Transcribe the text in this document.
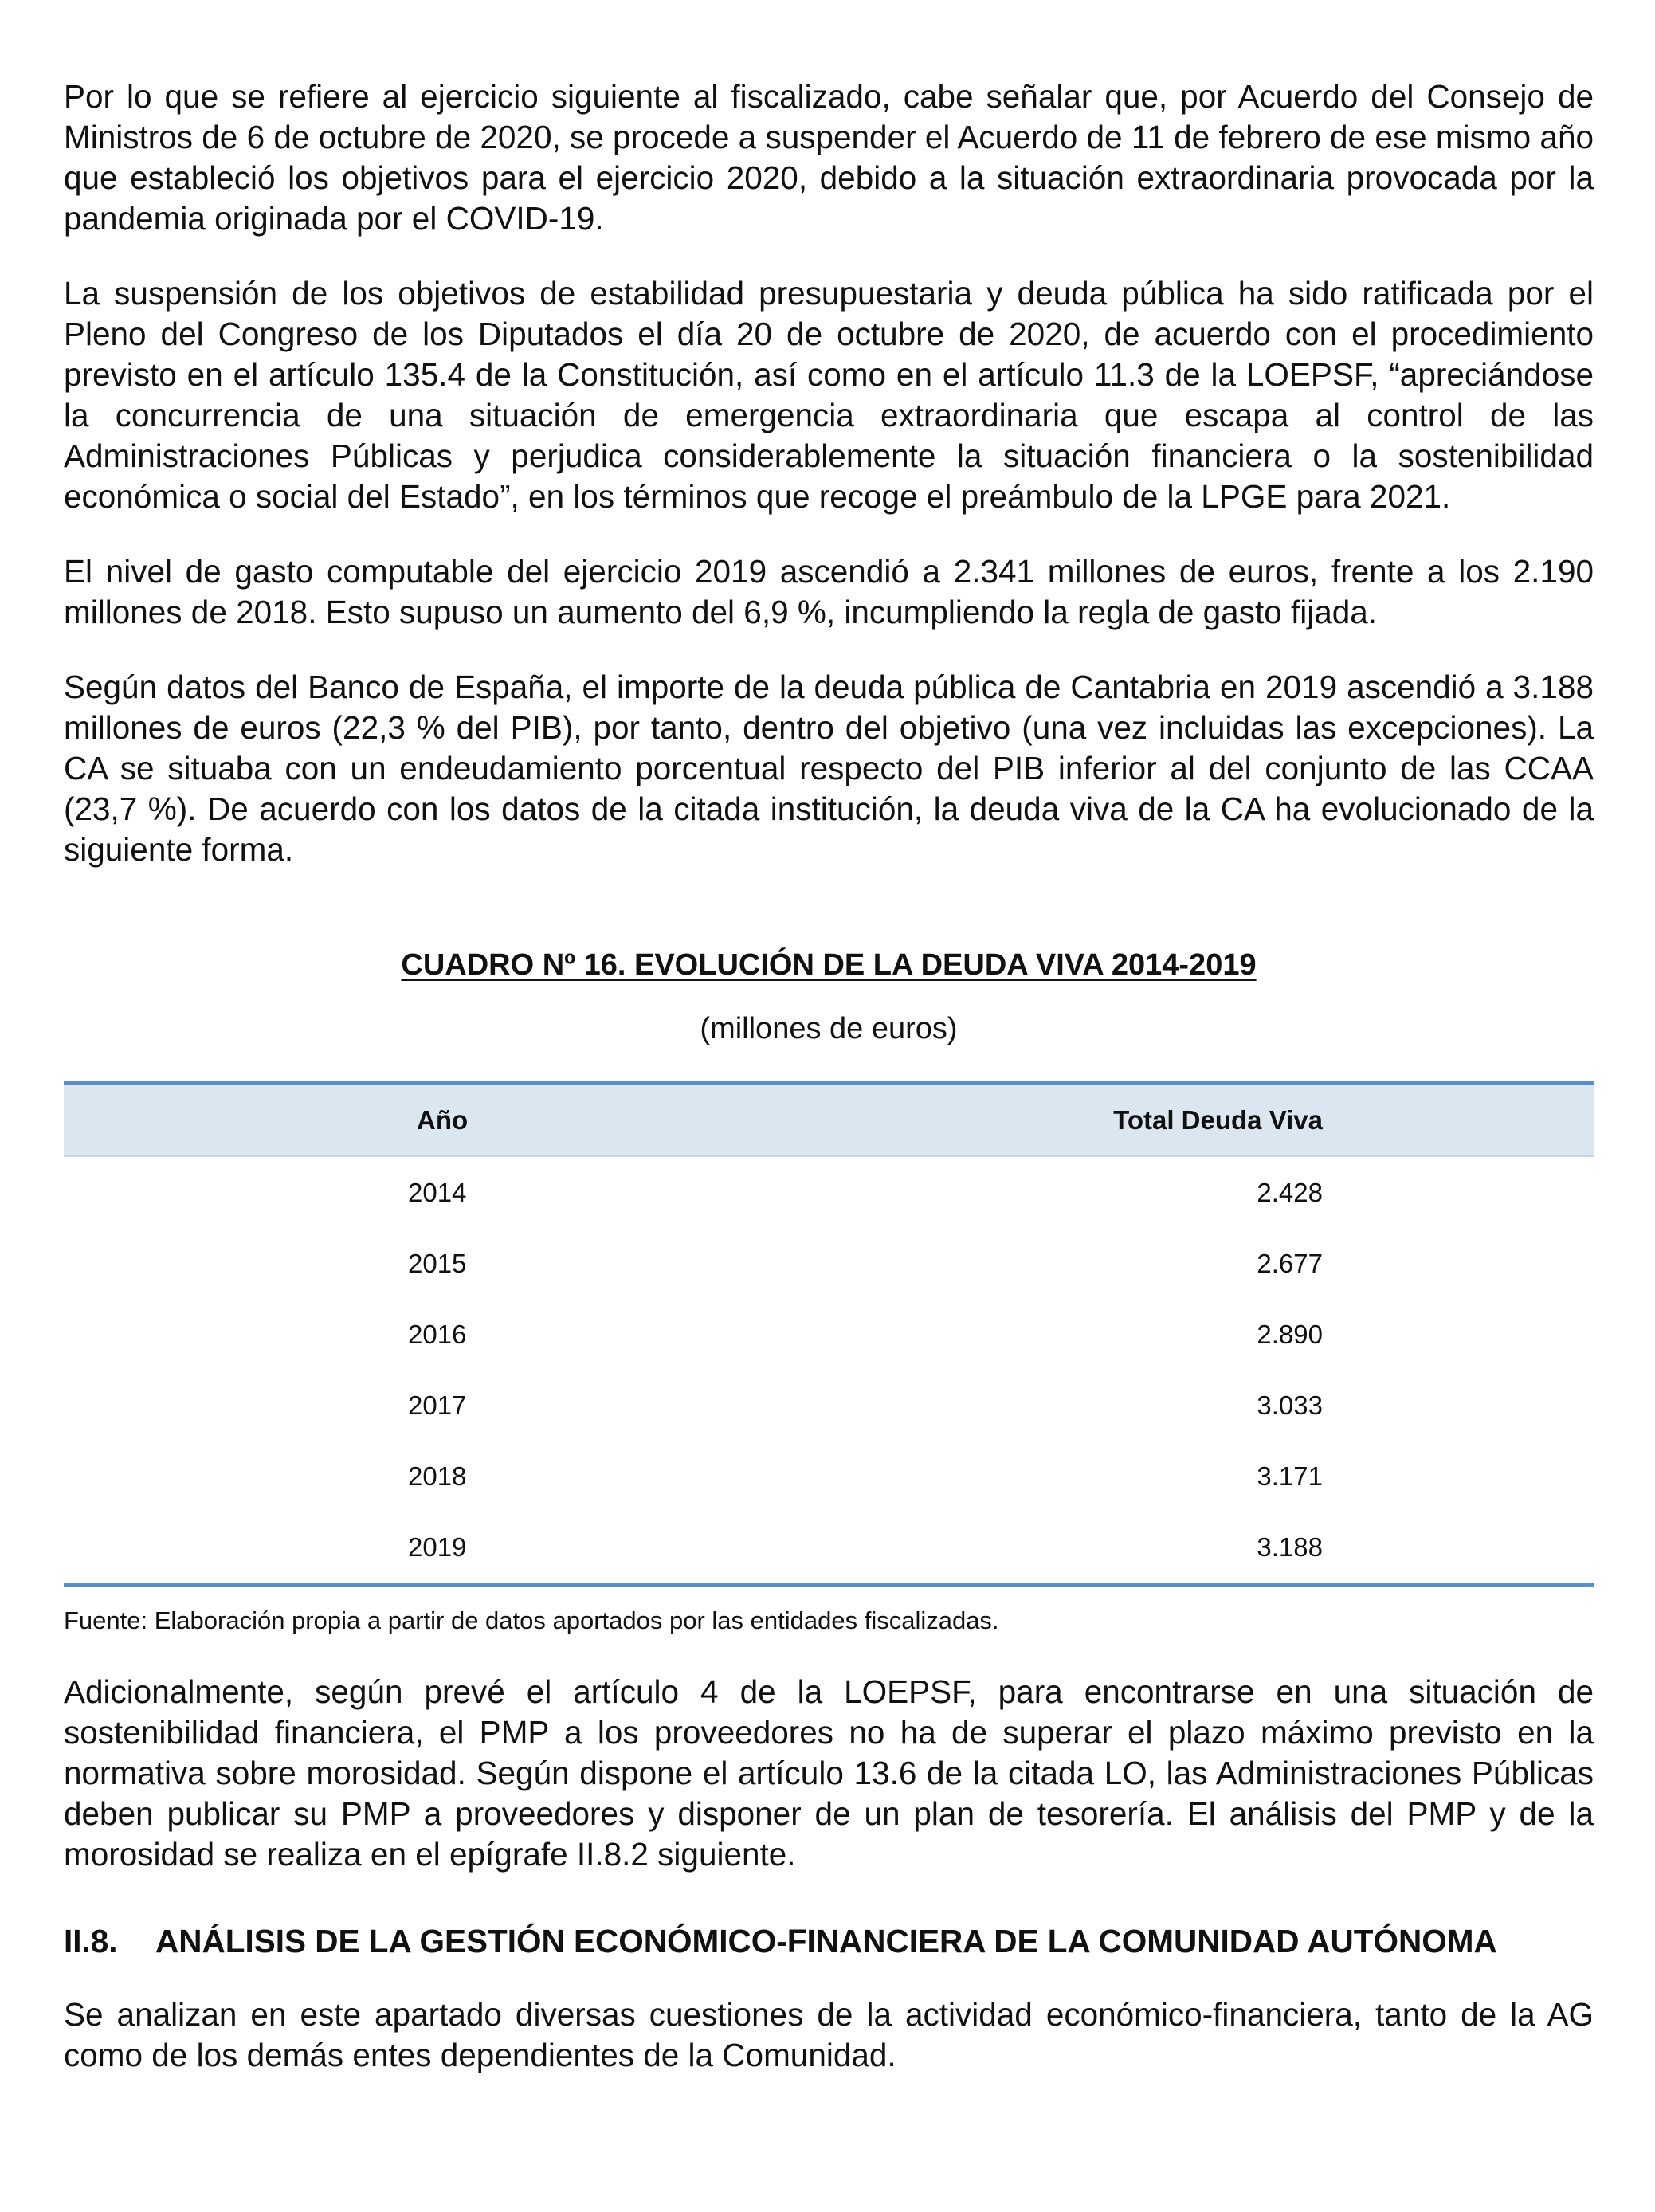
Por lo que se refiere al ejercicio siguiente al fiscalizado, cabe señalar que, por Acuerdo del Consejo de Ministros de 6 de octubre de 2020, se procede a suspender el Acuerdo de 11 de febrero de ese mismo año que estableció los objetivos para el ejercicio 2020, debido a la situación extraordinaria provocada por la pandemia originada por el COVID-19.

La suspensión de los objetivos de estabilidad presupuestaria y deuda pública ha sido ratificada por el Pleno del Congreso de los Diputados el día 20 de octubre de 2020, de acuerdo con el procedimiento previsto en el artículo 135.4 de la Constitución, así como en el artículo 11.3 de la LOEPSF, “apreciándose la concurrencia de una situación de emergencia extraordinaria que escapa al control de las Administraciones Públicas y perjudica considerablemente la situación financiera o la sostenibilidad económica o social del Estado”, en los términos que recoge el preámbulo de la LPGE para 2021.

El nivel de gasto computable del ejercicio 2019 ascendió a 2.341 millones de euros, frente a los 2.190 millones de 2018. Esto supuso un aumento del 6,9 %, incumpliendo la regla de gasto fijada.

Según datos del Banco de España, el importe de la deuda pública de Cantabria en 2019 ascendió a 3.188 millones de euros (22,3 % del PIB), por tanto, dentro del objetivo (una vez incluidas las excepciones). La CA se situaba con un endeudamiento porcentual respecto del PIB inferior al del conjunto de las CCAA (23,7 %). De acuerdo con los datos de la citada institución, la deuda viva de la CA ha evolucionado de la siguiente forma.

CUADRO Nº 16. EVOLUCIÓN DE LA DEUDA VIVA 2014-2019
(millones de euros)
Año	Total Deuda Viva
2014	2.428
2015	2.677
2016	2.890
2017	3.033
2018	3.171
2019	3.188

Fuente: Elaboración propia a partir de datos aportados por las entidades fiscalizadas.

Adicionalmente, según prevé el artículo 4 de la LOEPSF, para encontrarse en una situación de sostenibilidad financiera, el PMP a los proveedores no ha de superar el plazo máximo previsto en la normativa sobre morosidad. Según dispone el artículo 13.6 de la citada LO, las Administraciones Públicas deben publicar su PMP a proveedores y disponer de un plan de tesorería. El análisis del PMP y de la morosidad se realiza en el epígrafe II.8.2 siguiente.

II.8.	ANÁLISIS DE LA GESTIÓN ECONÓMICO-FINANCIERA DE LA COMUNIDAD AUTÓNOMA

Se analizan en este apartado diversas cuestiones de la actividad económico-financiera, tanto de la AG como de los demás entes dependientes de la Comunidad.
